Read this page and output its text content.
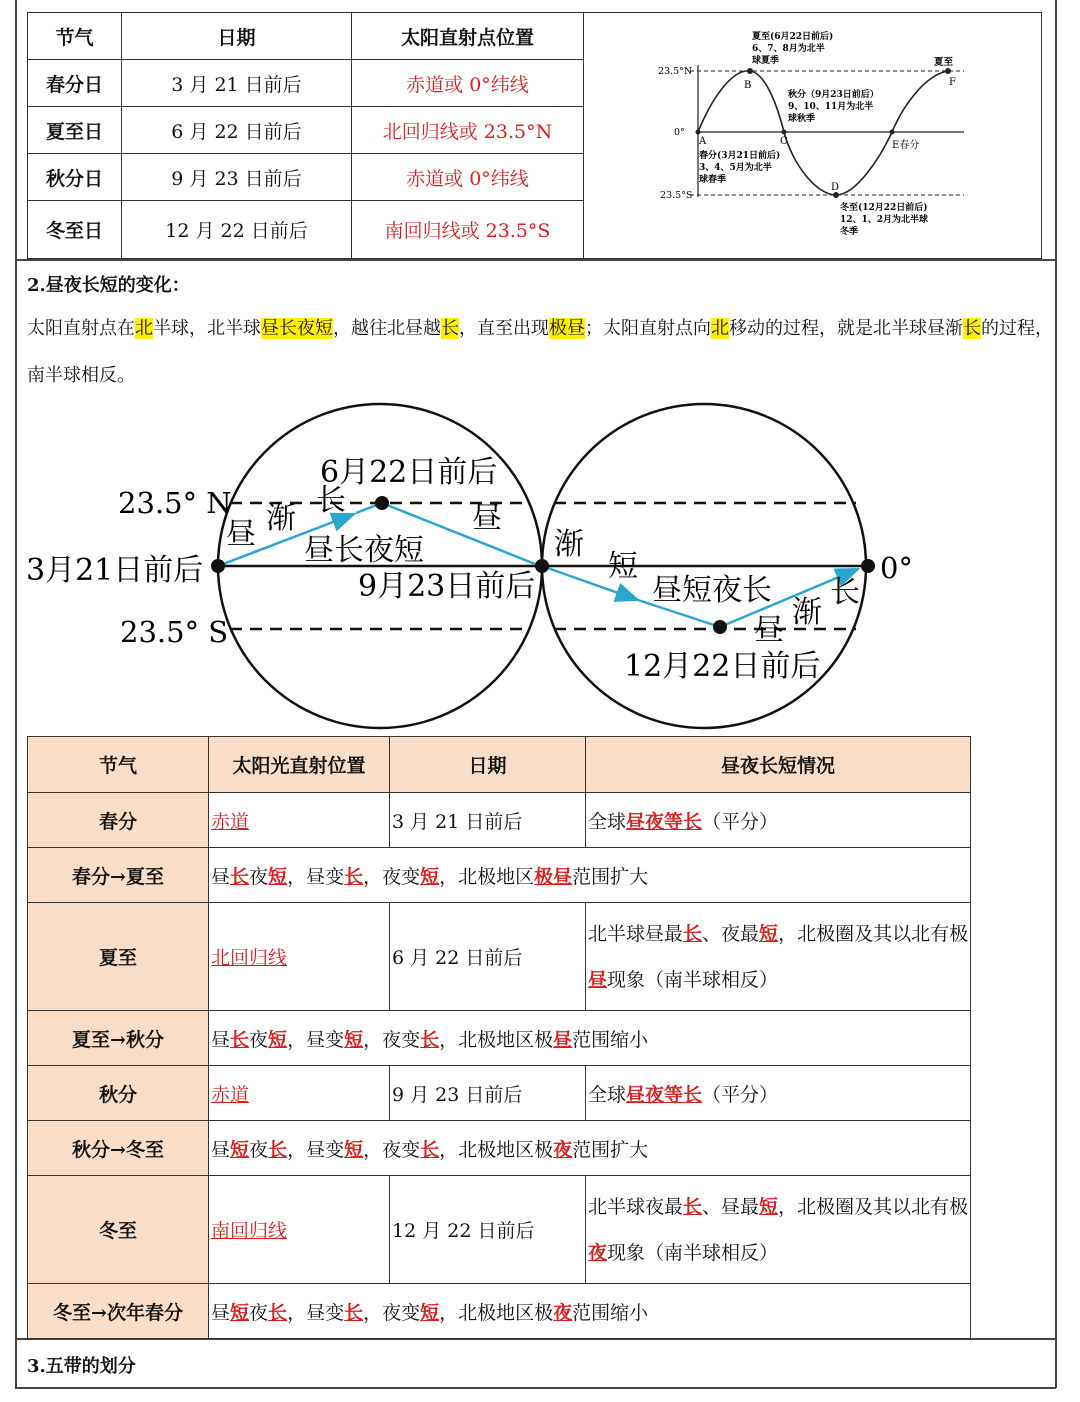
节气	日期	太阳直射点位置
春分日	3 月 21 日前后	赤道或 0°纬线
夏至日	6 月 22 日前后	北回归线或 23.5°N
秋分日	9 月 23 日前后	赤道或 0°纬线
冬至日	12 月 22 日前后	南回归线或 23.5°S
23.5°N
0°
23.5°S
A
B
C
D
E春分
F
夏至(6月22日前后)
6、7、8月为北半
球夏季
秋分（9月23日前后）
9、10、11月为北半
球秋季
春分(3月21日前后)
3、4、5月为北半
球春季
冬至(12月22日前后)
12、1、2月为北半球
冬季
夏至
2.昼夜长短的变化：
太阳直射点在北半球，北半球昼长夜短，越往北昼越长，直至出现极昼；太阳直射点向北移动的过程，就是北半球昼渐长的过程，南半球相反。
23.5° N
23.5° S
3月21日前后
6月22日前后
9月23日前后
12月22日前后
0°
昼 渐
长
昼
昼长夜短	渐
短
昼短夜长
昼
渐
长
节气	太阳光直射位置	日期	昼夜长短情况
春分	赤道	3 月 21 日前后	全球昼夜等长（平分）
春分→夏至	昼长夜短，昼变长，夜变短，北极地区极昼范围扩大		
夏至	北回归线	6 月 22 日前后	北半球昼最长、夜最短，北极圈及其以北有极昼现象（南半球相反）
夏至→秋分	昼长夜短，昼变短，夜变长，北极地区极昼范围缩小		
秋分	赤道	9 月 23 日前后	全球昼夜等长（平分）
秋分→冬至	昼短夜长，昼变短，夜变长，北极地区极夜范围扩大		
冬至	南回归线	12 月 22 日前后	北半球夜最长、昼最短，北极圈及其以北有极夜现象（南半球相反）
冬至→次年春分	昼短夜长，昼变长，夜变短，北极地区极夜范围缩小		
3.五带的划分
